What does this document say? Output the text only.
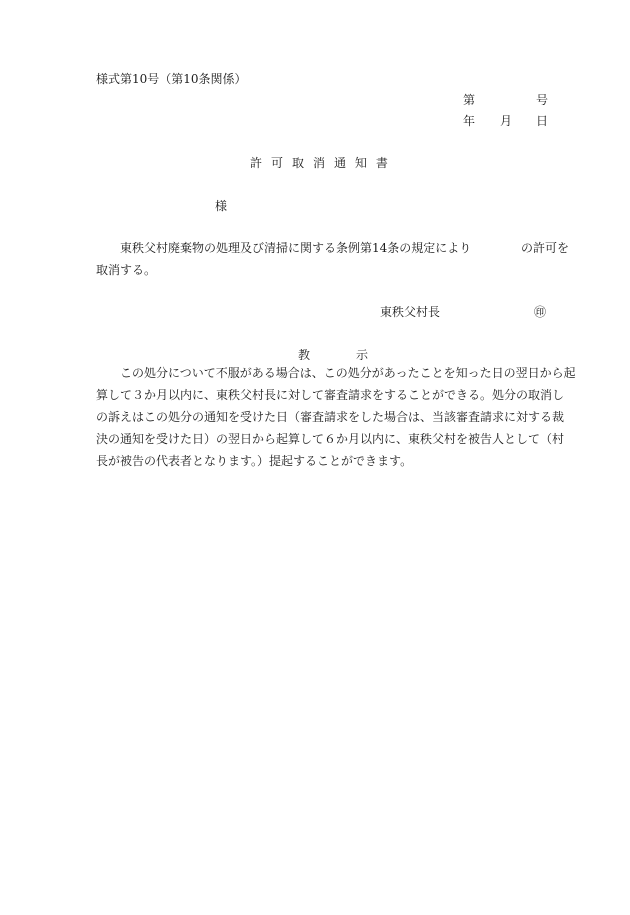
様式第10号（第10条関係）
第	号
年 月 日
許 可 取 消 通 知 書
様
東秩父村廃棄物の処理及び清掃に関する条例第14条の規定により	の許可を
取消する。
東秩父村長	㊞
教	示
この処分について不服がある場合は、この処分があったことを知った日の翌日から起
算して３か月以内に、東秩父村長に対して審査請求をすることができる。処分の取消し
の訴えはこの処分の通知を受けた日（審査請求をした場合は、当該審査請求に対する裁
決の通知を受けた日）の翌日から起算して６か月以内に、東秩父村を被告人として（村
長が被告の代表者となります。）提起することができます。
